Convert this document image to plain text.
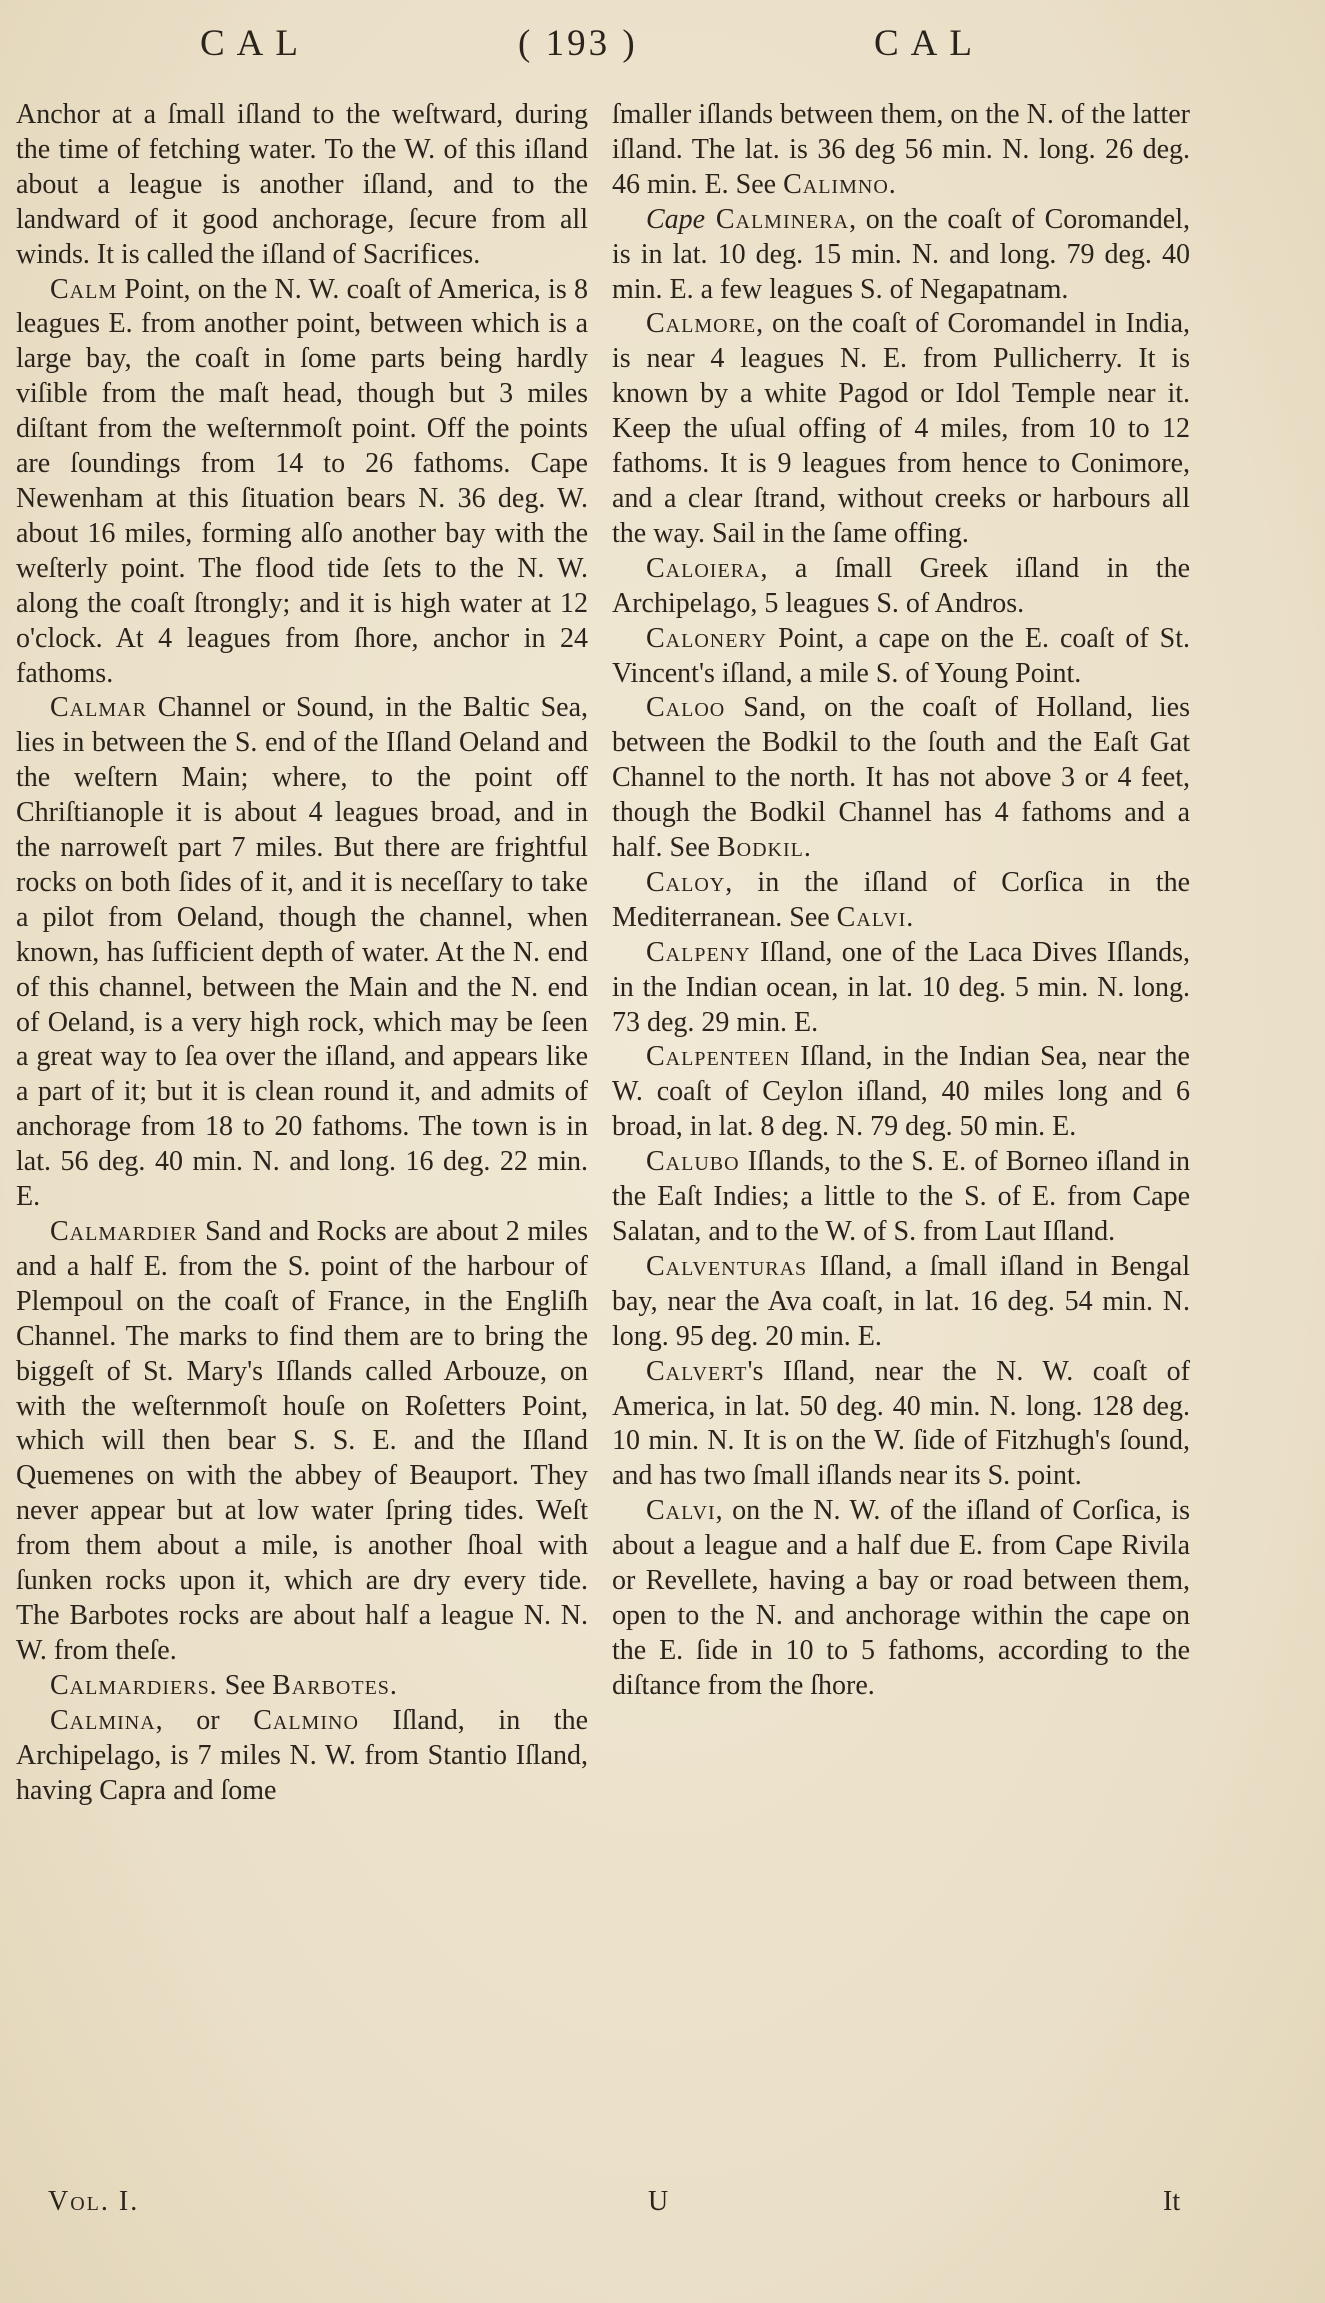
CAL	( 193 )	CAL

Anchor at a ſmall iſland to the weſtward, during the time of fetching water. To the W. of this iſland about a league is another iſland, and to the landward of it good anchorage, ſecure from all winds. It is called the iſland of Sacrifices.

Calm Point, on the N. W. coaſt of America, is 8 leagues E. from another point, between which is a large bay, the coaſt in ſome parts being hardly viſible from the maſt head, though but 3 miles diſtant from the weſternmoſt point. Off the points are ſoundings from 14 to 26 fathoms. Cape Newenham at this ſituation bears N. 36 deg. W. about 16 miles, forming alſo another bay with the weſterly point. The flood tide ſets to the N. W. along the coaſt ſtrongly; and it is high water at 12 o'clock. At 4 leagues from ſhore, anchor in 24 fathoms.

Calmar Channel or Sound, in the Baltic Sea, lies in between the S. end of the Iſland Oeland and the weſtern Main; where, to the point off Chriſtianople it is about 4 leagues broad, and in the narroweſt part 7 miles. But there are frightful rocks on both ſides of it, and it is neceſſary to take a pilot from Oeland, though the channel, when known, has ſufficient depth of water. At the N. end of this channel, between the Main and the N. end of Oeland, is a very high rock, which may be ſeen a great way to ſea over the iſland, and appears like a part of it; but it is clean round it, and admits of anchorage from 18 to 20 fathoms. The town is in lat. 56 deg. 40 min. N. and long. 16 deg. 22 min. E.

Calmardier Sand and Rocks are about 2 miles and a half E. from the S. point of the harbour of Plempoul on the coaſt of France, in the Engliſh Channel. The marks to find them are to bring the biggeſt of St. Mary's Iſlands called Arbouze, on with the weſternmoſt houſe on Roſetters Point, which will then bear S. S. E. and the Iſland Quemenes on with the abbey of Beauport. They never appear but at low water ſpring tides. Weſt from them about a mile, is another ſhoal with ſunken rocks upon it, which are dry every tide. The Barbotes rocks are about half a league N. N. W. from theſe.

Calmardiers. See Barbotes.

Calmina, or Calmino Iſland, in the Archipelago, is 7 miles N. W. from Stantio Iſland, having Capra and ſome

ſmaller iſlands between them, on the N. of the latter iſland. The lat. is 36 deg 56 min. N. long. 26 deg. 46 min. E. See Calimno.

Cape Calminera, on the coaſt of Coromandel, is in lat. 10 deg. 15 min. N. and long. 79 deg. 40 min. E. a few leagues S. of Negapatnam.

Calmore, on the coaſt of Coromandel in India, is near 4 leagues N. E. from Pullicherry. It is known by a white Pagod or Idol Temple near it. Keep the uſual offing of 4 miles, from 10 to 12 fathoms. It is 9 leagues from hence to Conimore, and a clear ſtrand, without creeks or harbours all the way. Sail in the ſame offing.

Caloiera, a ſmall Greek iſland in the Archipelago, 5 leagues S. of Andros.

Calonery Point, a cape on the E. coaſt of St. Vincent's iſland, a mile S. of Young Point.

Caloo Sand, on the coaſt of Holland, lies between the Bodkil to the ſouth and the Eaſt Gat Channel to the north. It has not above 3 or 4 feet, though the Bodkil Channel has 4 fathoms and a half. See Bodkil.

Caloy, in the iſland of Corſica in the Mediterranean. See Calvi.

Calpeny Iſland, one of the Laca Dives Iſlands, in the Indian ocean, in lat. 10 deg. 5 min. N. long. 73 deg. 29 min. E.

Calpenteen Iſland, in the Indian Sea, near the W. coaſt of Ceylon iſland, 40 miles long and 6 broad, in lat. 8 deg. N. 79 deg. 50 min. E.

Calubo Iſlands, to the S. E. of Borneo iſland in the Eaſt Indies; a little to the S. of E. from Cape Salatan, and to the W. of S. from Laut Iſland.

Calventuras Iſland, a ſmall iſland in Bengal bay, near the Ava coaſt, in lat. 16 deg. 54 min. N. long. 95 deg. 20 min. E.

Calvert's Iſland, near the N. W. coaſt of America, in lat. 50 deg. 40 min. N. long. 128 deg. 10 min. N. It is on the W. ſide of Fitzhugh's ſound, and has two ſmall iſlands near its S. point.

Calvi, on the N. W. of the iſland of Corſica, is about a league and a half due E. from Cape Rivila or Revellete, having a bay or road between them, open to the N. and anchorage within the cape on the E. ſide in 10 to 5 fathoms, according to the diſtance from the ſhore.

Vol. I.	U	It
